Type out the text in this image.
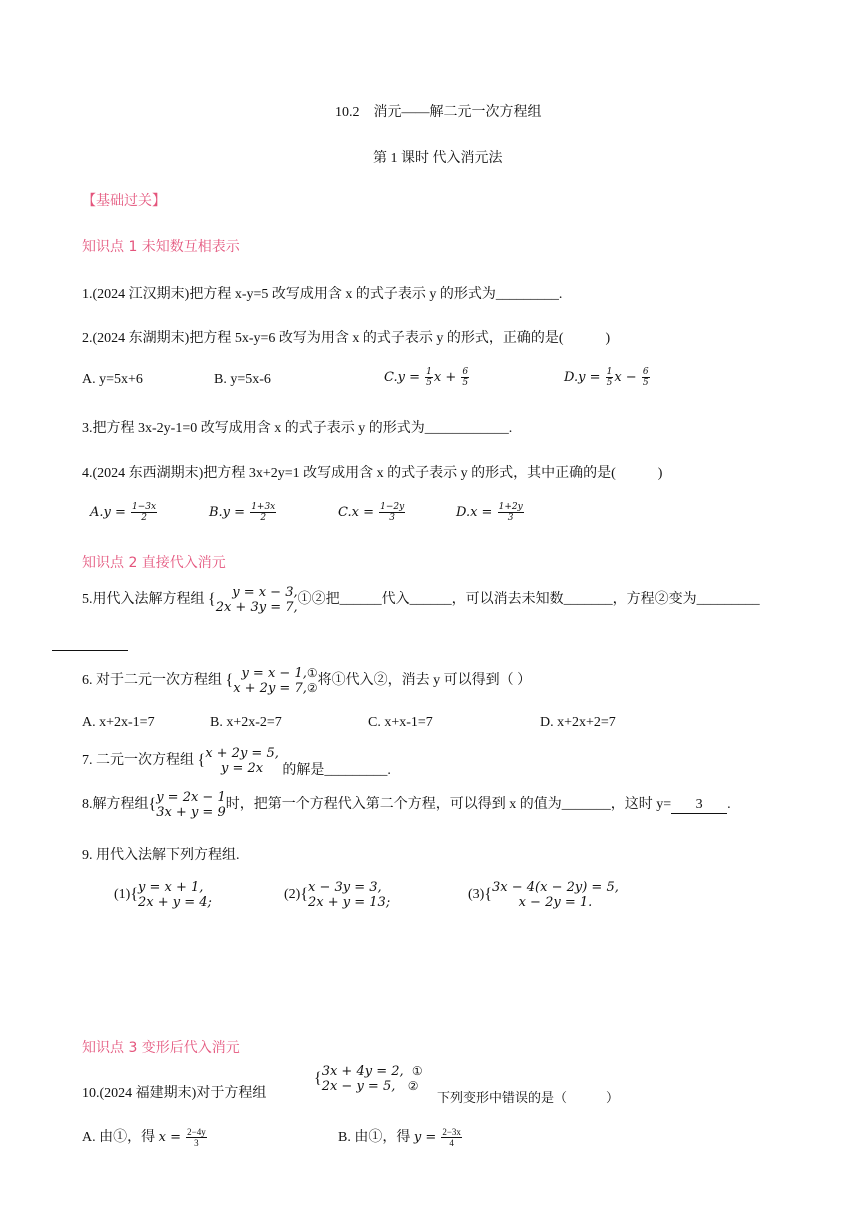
10.2　消元——解二元一次方程组
第 1 课时 代入消元法
【基础过关】
知识点 1 未知数互相表示
1.(2024 江汉期末)把方程 x-y=5 改写成用含 x 的式子表示 y 的形式为_________.
2.(2024 东湖期末)把方程 5x-y=6 改写为用含 x 的式子表示 y 的形式，正确的是(　　　)
A. y=5x+6	B. y=5x-6	$C.y = \frac{1}{5}$ $x + \frac{6}{5}$	$D.y = \frac{1}{5}$ $x - \frac{6}{5}$
3.把方程 3x-2y-1=0 改写成用含 x 的式子表示 y 的形式为____________.
4.(2024 东西湖期末)把方程 3x+2y=1 改写成用含 x 的式子表示 y 的形式，其中正确的是(　　　)
$A.y = \frac{1-3x}{2}$	$B.y = \frac{1+3x}{2}$	$C.x = \frac{1-2y}{3}$	$D.x = \frac{1+2y}{3}$
知识点 2 直接代入消元
5.用代入法解方程组 { y = x − 3,
2x + 3y = 7,
①②把______代入______，可以消去未知数_______，方程②变为_________
6. 对于二元一次方程组 { y = x − 1,①
x + 2y = 7,② 将①代入②，消去 y 可以得到（ ）
A. x+2x-1=7	B. x+2x-2=7	C. x+x-1=7	D. x+2x+2=7
7. 二元一次方程组 { x + 2y = 5,
y = 2x 的解是_________.
8.解方程组{ y = 2x − 1
3x + y = 9
时，把第一个方程代入第二个方程，可以得到 x 的值为_______，这时 y= 3 .
9. 用代入法解下列方程组.
(1){ y = x + 1,
2x + y = 4;
(2){ x − 3y = 3,
2x + y = 13;
(3){ 3x − 4(x − 2y) = 5,
x − 2y = 1.
知识点 3 变形后代入消元
10.(2024 福建期末)对于方程组
{ 3x + 4y = 2, ①
2x − y = 5, ②
下列变形中错误的是（　　　）
A. 由①，得 $x = \frac{2-4y}{3}$	B. 由①，得 $y = \frac{2-3x}{4}$
